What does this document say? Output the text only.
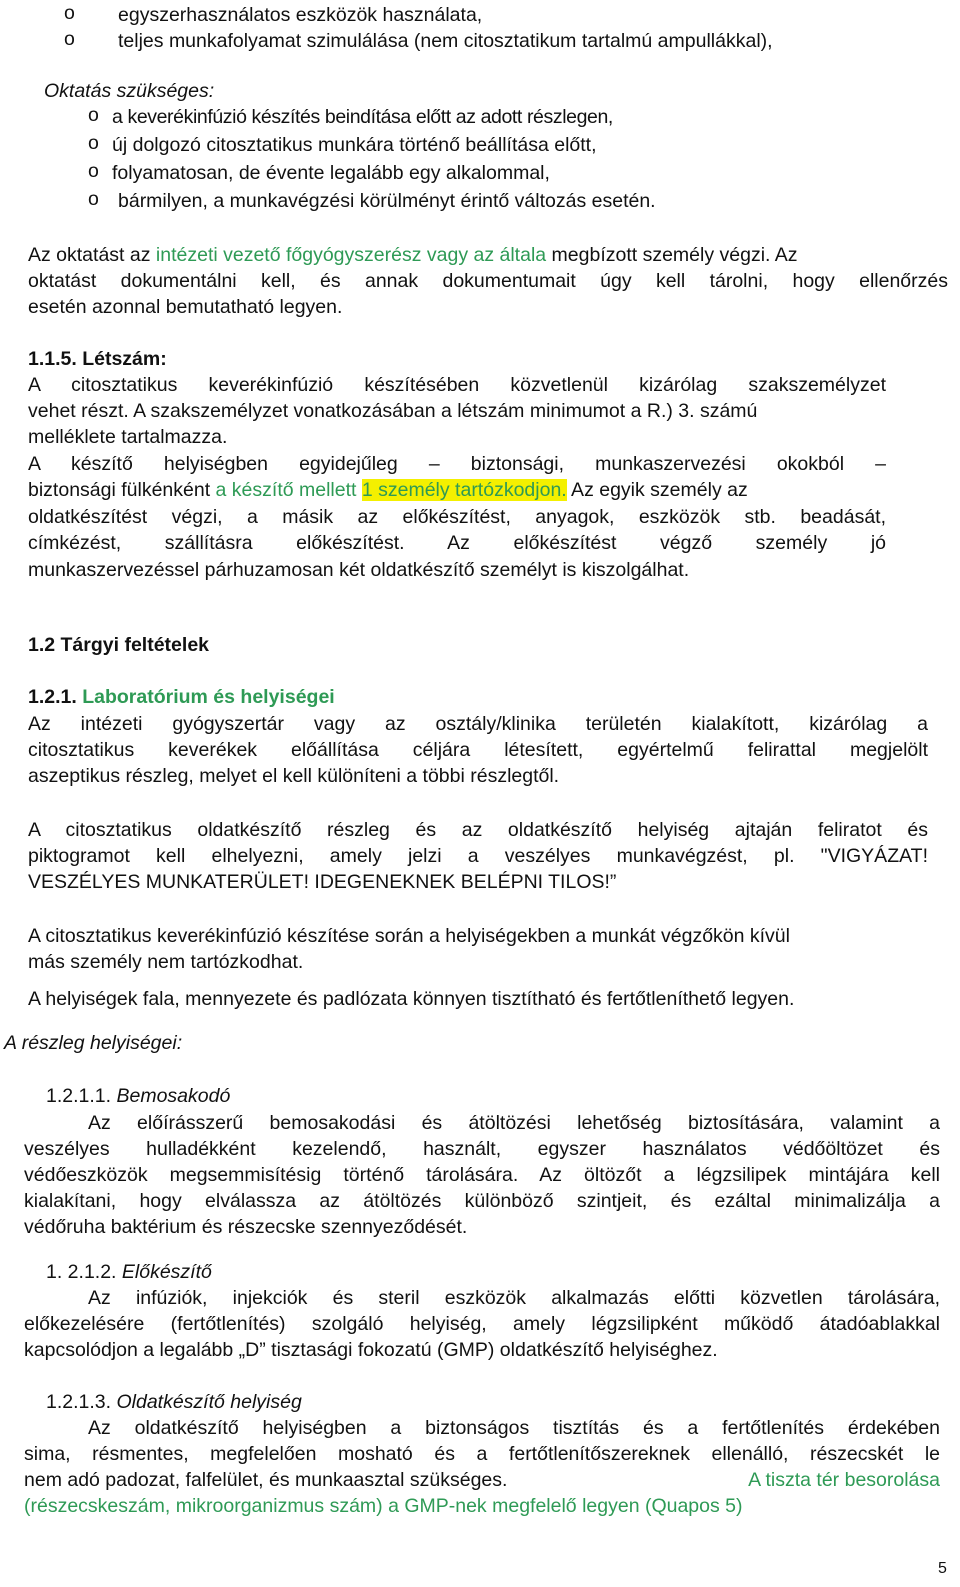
o egyszerhasználatos eszközök használata,
o teljes munkafolyamat szimulálása (nem citosztatikum tartalmú ampullákkal),
Oktatás szükséges:
o a keverékinfúzió készítés beindítása előtt az adott részlegen,
o új dolgozó citosztatikus munkára történő beállítása előtt,
o folyamatosan, de évente legalább egy alkalommal,
o bármilyen, a munkavégzési körülményt érintő változás esetén.
Az oktatást az intézeti vezető főgyógyszerész vagy az általa megbízott személy végzi. Az
oktatást dokumentálni kell, és annak dokumentumait úgy kell tárolni, hogy ellenőrzés
esetén azonnal bemutatható legyen.
1.1.5. Létszám:
A citosztatikus keverékinfúzió készítésében közvetlenül kizárólag szakszemélyzet
vehet részt. A szakszemélyzet vonatkozásában a létszám minimumot a R.) 3. számú
melléklete tartalmazza.
A készítő helyiségben egyidejűleg – biztonsági, munkaszervezési okokból –
biztonsági fülkénként a készítő mellett 1 személy tartózkodjon. Az egyik személy az
oldatkészítést végzi, a másik az előkészítést, anyagok, eszközök stb. beadását,
címkézést, szállításra előkészítést. Az előkészítést végző személy jó
munkaszervezéssel párhuzamosan két oldatkészítő személyt is kiszolgálhat.
1.2 Tárgyi feltételek
1.2.1. Laboratórium és helyiségei
Az intézeti gyógyszertár vagy az osztály/klinika területén kialakított, kizárólag a
citosztatikus keverékek előállítása céljára létesített, egyértelmű felirattal megjelölt
aszeptikus részleg, melyet el kell különíteni a többi részlegtől.
A citosztatikus oldatkészítő részleg és az oldatkészítő helyiség ajtaján feliratot és
piktogramot kell elhelyezni, amely jelzi a veszélyes munkavégzést, pl. "VIGYÁZAT!
VESZÉLYES MUNKATERÜLET! IDEGENEKNEK BELÉPNI TILOS!”
A citosztatikus keverékinfúzió készítése során a helyiségekben a munkát végzőkön kívül
más személy nem tartózkodhat.
A helyiségek fala, mennyezete és padlózata könnyen tisztítható és fertőtleníthető legyen.
A részleg helyiségei:
1.2.1.1. Bemosakodó
Az előírásszerű bemosakodási és átöltözési lehetőség biztosítására, valamint a
veszélyes hulladékként kezelendő, használt, egyszer használatos védőöltözet és
védőeszközök megsemmisítésig történő tárolására. Az öltözőt a légzsilipek mintájára kell
kialakítani, hogy elválassza az átöltözés különböző szintjeit, és ezáltal minimalizálja a
védőruha baktérium és részecske szennyeződését.
1. 2.1.2. Előkészítő
Az infúziók, injekciók és steril eszközök alkalmazás előtti közvetlen tárolására,
előkezelésére (fertőtlenítés) szolgáló helyiség, amely légzsilipként működő átadóablakkal
kapcsolódjon a legalább „D” tisztasági fokozatú (GMP) oldatkészítő helyiséghez.
1.2.1.3. Oldatkészítő helyiség
Az oldatkészítő helyiségben a biztonságos tisztítás és a fertőtlenítés érdekében
sima, résmentes, megfelelően mosható és a fertőtlenítőszereknek ellenálló, részecskét le
nem adó padozat, falfelület, és munkaasztal szükséges.	A tiszta tér besorolása
(részecskeszám, mikroorganizmus szám) a GMP-nek megfelelő legyen (Quapos 5)
5
